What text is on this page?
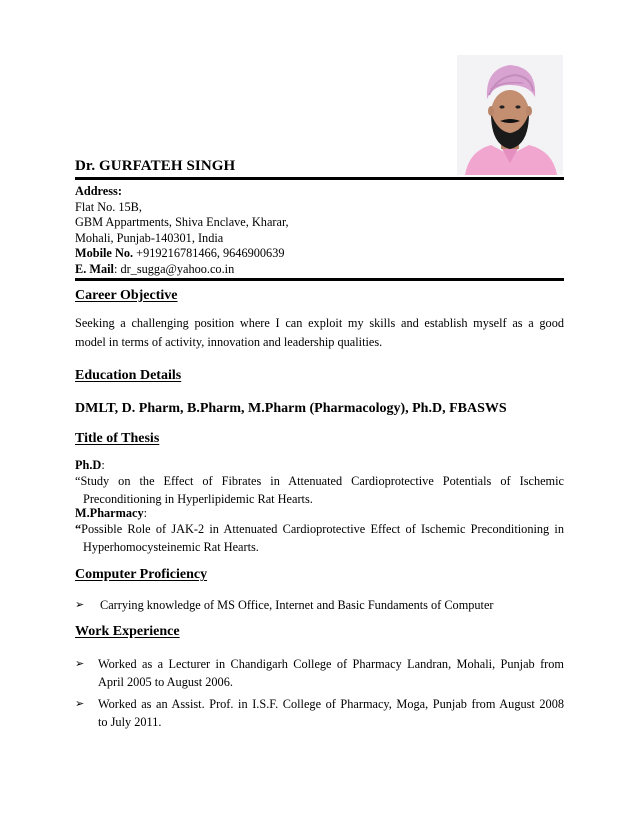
Dr. GURFATEH SINGH
Address:
Flat No. 15B,
GBM Appartments, Shiva Enclave, Kharar,
Mohali, Punjab-140301, India
Mobile No. +919216781466, 9646900639
E. Mail: dr_sugga@yahoo.co.in
Career Objective
Seeking a challenging position where I can exploit my skills and establish myself as a good
model in terms of activity, innovation and leadership qualities.
Education Details
DMLT, D. Pharm, B.Pharm, M.Pharm (Pharmacology), Ph.D, FBASWS
Title of Thesis
Ph.D:
“Study on the Effect of Fibrates in Attenuated Cardioprotective Potentials of Ischemic
Preconditioning in Hyperlipidemic Rat Hearts.
M.Pharmacy:
“Possible Role of JAK-2 in Attenuated Cardioprotective Effect of Ischemic Preconditioning in
Hyperhomocysteinemic Rat Hearts.
Computer Proficiency
➢	Carrying knowledge of MS Office, Internet and Basic Fundaments of Computer
Work Experience
➢	Worked as a Lecturer in Chandigarh College of Pharmacy Landran, Mohali, Punjab from
April 2005 to August 2006.
➢	Worked as an Assist. Prof. in I.S.F. College of Pharmacy, Moga, Punjab from August 2008
to July 2011.
